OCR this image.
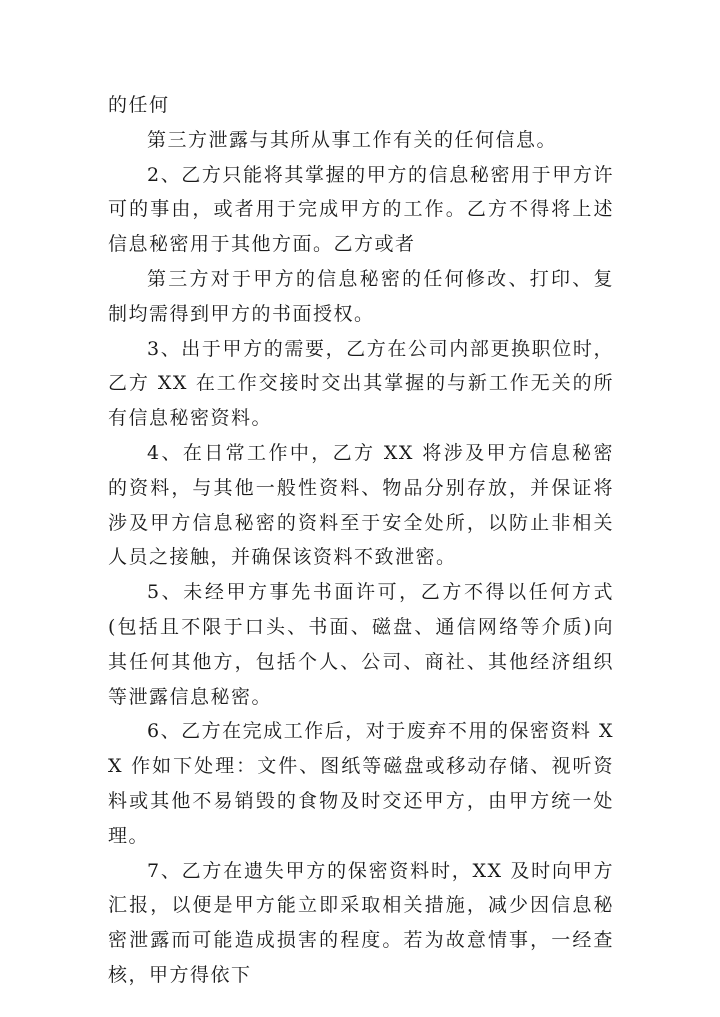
的任何

第三方泄露与其所从事工作有关的任何信息。

2、乙方只能将其掌握的甲方的信息秘密用于甲方许可的事由，或者用于完成甲方的工作。乙方不得将上述信息秘密用于其他方面。乙方或者

第三方对于甲方的信息秘密的任何修改、打印、复制均需得到甲方的书面授权。

3、出于甲方的需要，乙方在公司内部更换职位时，乙方 XX 在工作交接时交出其掌握的与新工作无关的所有信息秘密资料。

4、在日常工作中，乙方 XX 将涉及甲方信息秘密的资料，与其他一般性资料、物品分别存放，并保证将涉及甲方信息秘密的资料至于安全处所，以防止非相关人员之接触，并确保该资料不致泄密。

5、未经甲方事先书面许可，乙方不得以任何方式(包括且不限于口头、书面、磁盘、通信网络等介质)向其任何其他方，包括个人、公司、商社、其他经济组织等泄露信息秘密。

6、乙方在完成工作后，对于废弃不用的保密资料 XX 作如下处理：文件、图纸等磁盘或移动存储、视听资料或其他不易销毁的食物及时交还甲方，由甲方统一处理。

7、乙方在遗失甲方的保密资料时，XX 及时向甲方汇报，以便是甲方能立即采取相关措施，减少因信息秘密泄露而可能造成损害的程度。若为故意情事，一经查核，甲方得依下
